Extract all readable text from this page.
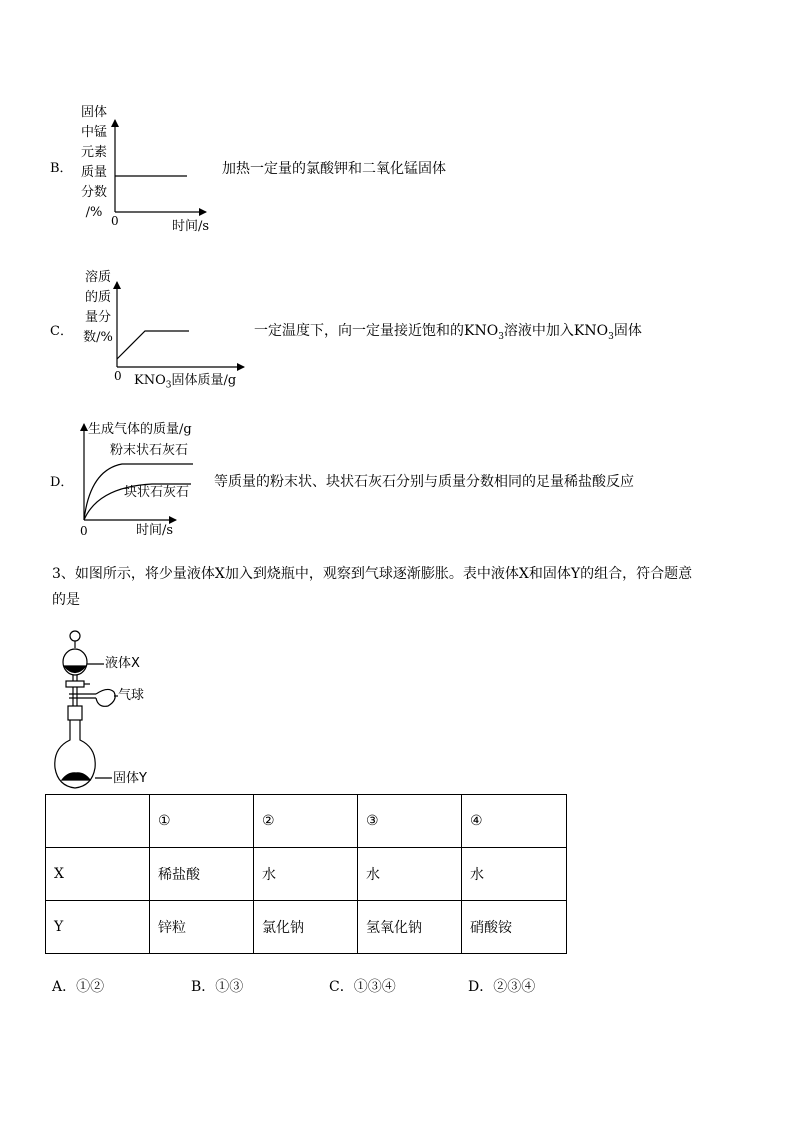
B．
固体
中锰
元素
质量
分数
/%
0	时间/s
加热一定量的氯酸钾和二氧化锰固体
C．
溶质
的质
量分
数/%
0 $KNO_3$固体质量/g
一定温度下，向一定量接近饱和的$KNO_3$溶液中加入$KNO_3$固体
D．
生成气体的质量/g
粉末状石灰石
块状石灰石
0	时间/s
等质量的粉末状、块状石灰石分别与质量分数相同的足量稀盐酸反应
3、如图所示，将少量液体X加入到烧瓶中，观察到气球逐渐膨胀。表中液体X和固体Y的组合，符合题意
的是
液体X
气球
固体Y
	①	②	③	④
X	稀盐酸	水	水	水
Y	锌粒	氯化钠	氢氧化钠	硝酸铵
A．①②	B．①③	C．①③④	D．②③④
